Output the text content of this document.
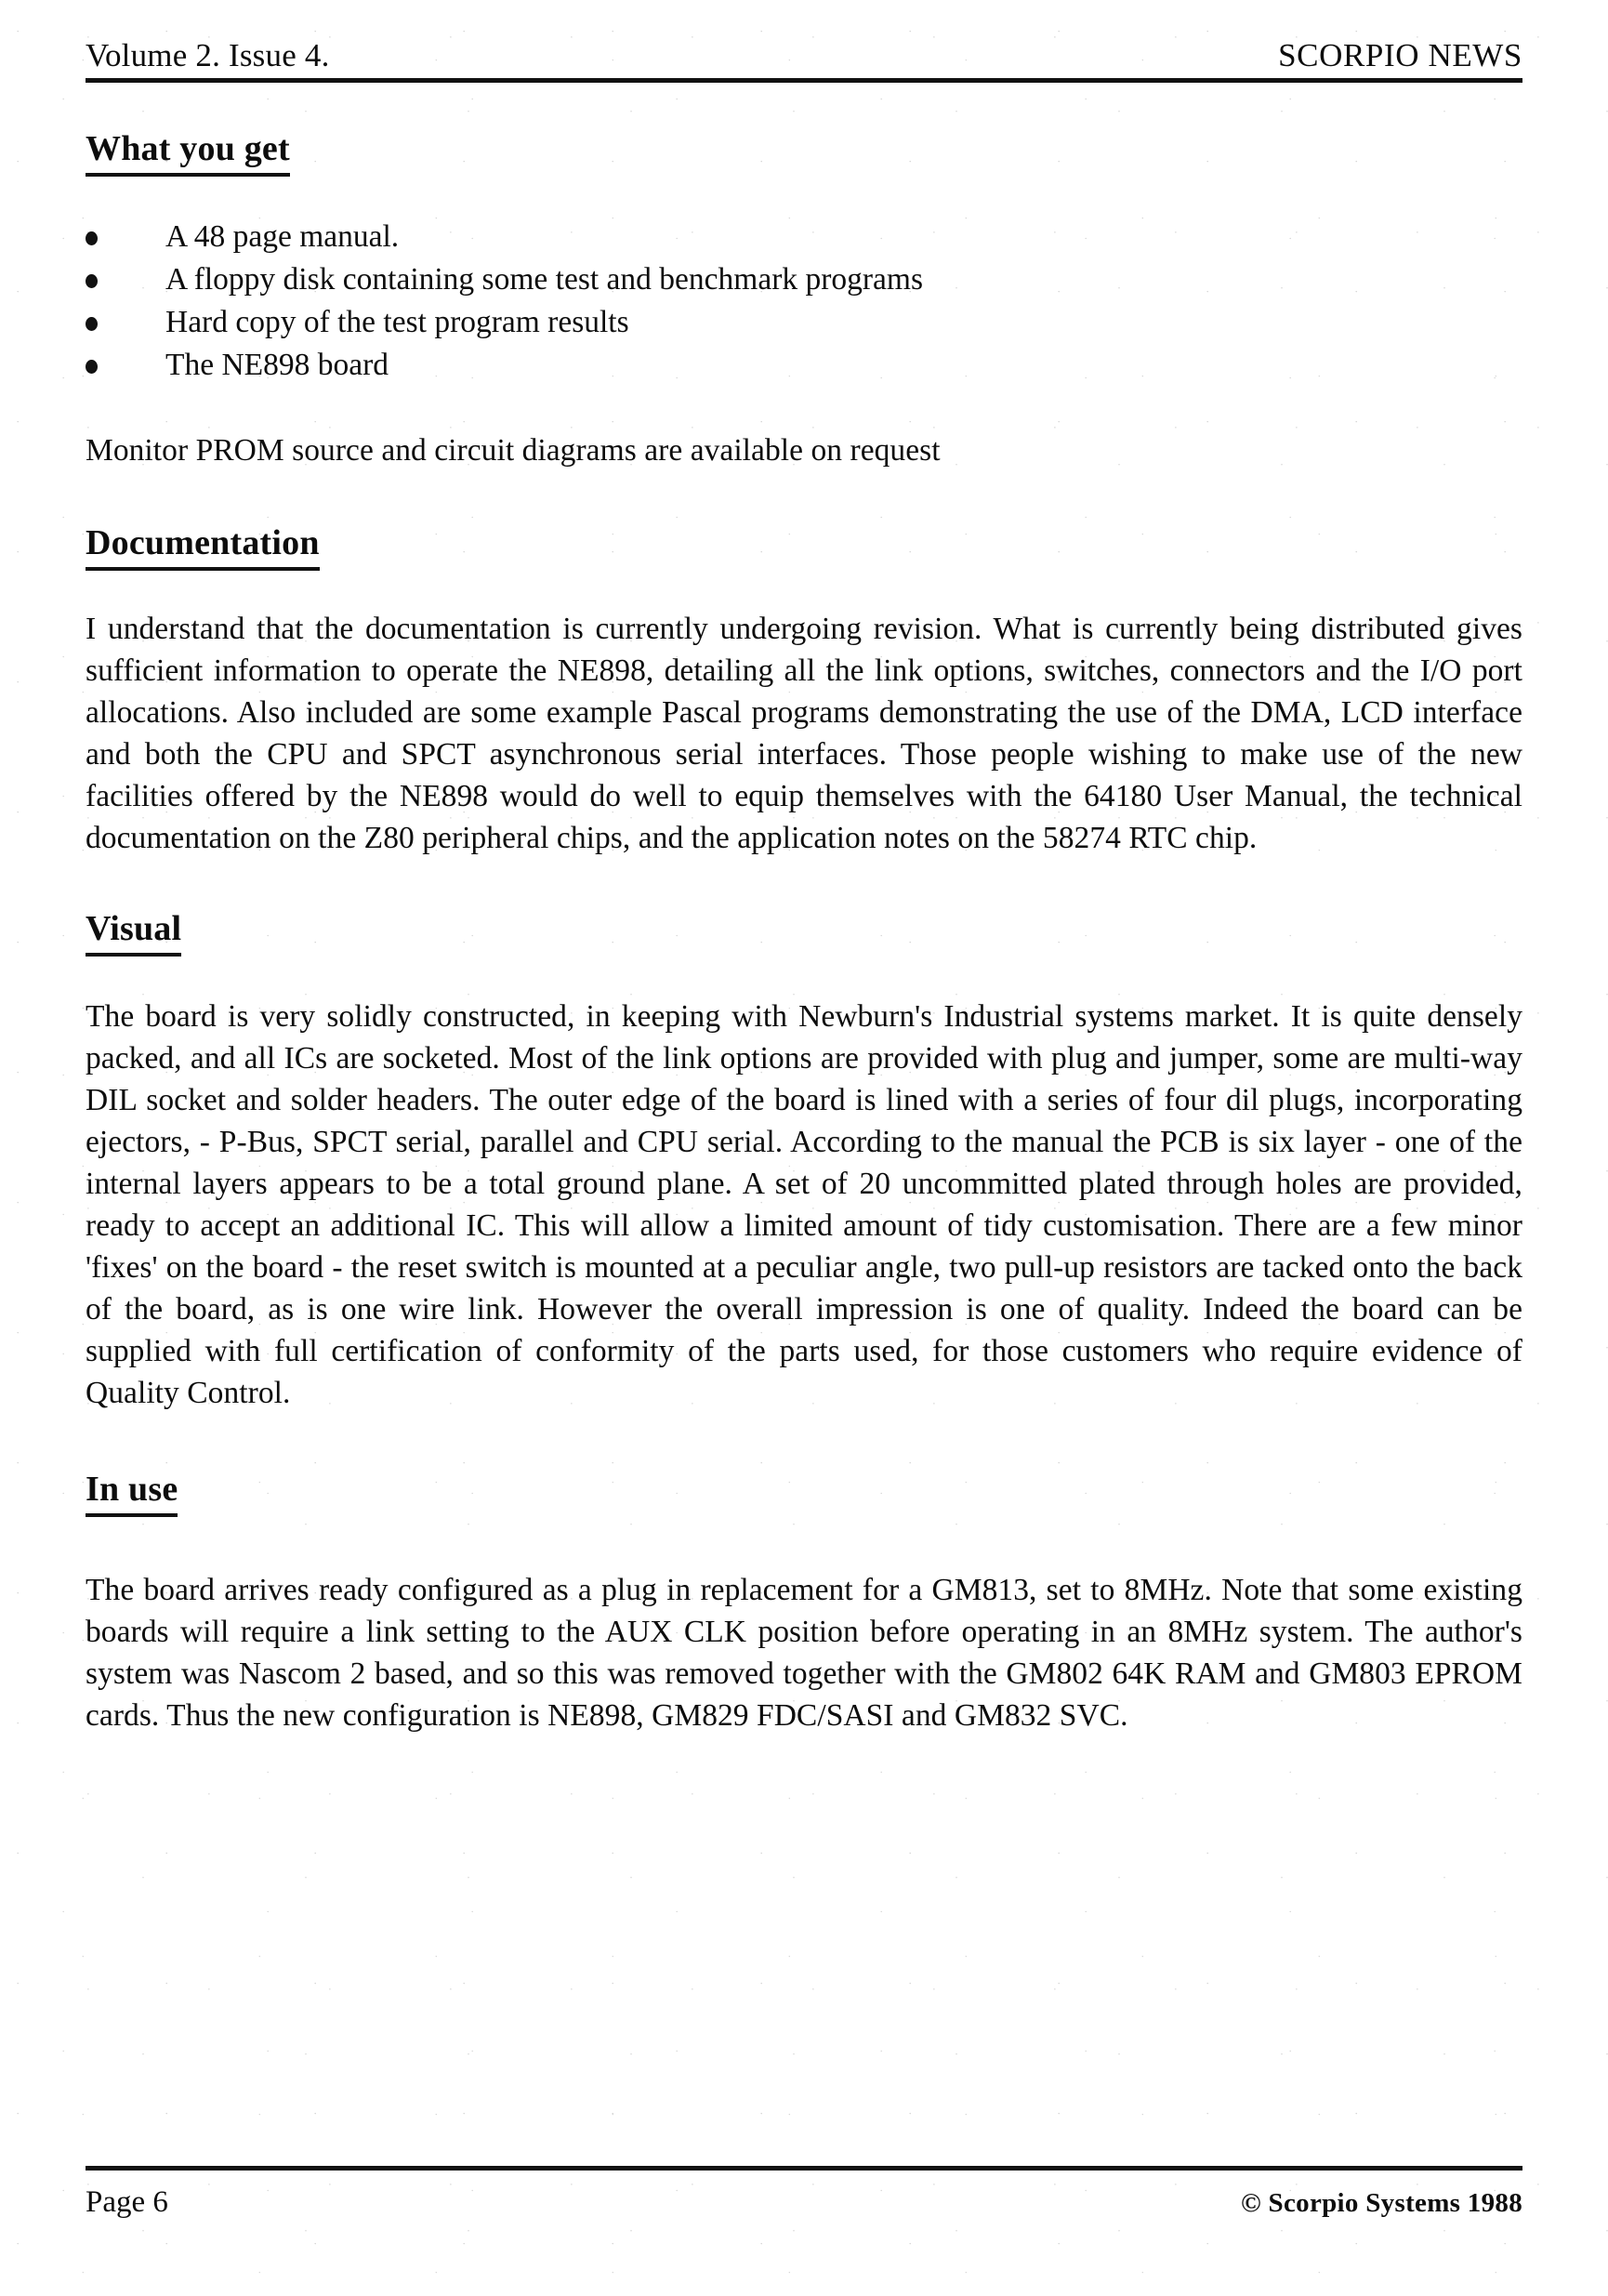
Volume 2. Issue 4.	SCORPIO NEWS
What you get
A 48 page manual.
A floppy disk containing some test and benchmark programs
Hard copy of the test program results
The NE898 board

Monitor PROM source and circuit diagrams are available on request

Documentation

I understand that the documentation is currently undergoing revision. What is currently being distributed gives sufficient information to operate the NE898, detailing all the link options, switches, connectors and the I/O port allocations. Also included are some example Pascal programs demonstrating the use of the DMA, LCD interface and both the CPU and SPCT asynchronous serial interfaces. Those people wishing to make use of the new facilities offered by the NE898 would do well to equip themselves with the 64180 User Manual, the technical documentation on the Z80 peripheral chips, and the application notes on the 58274 RTC chip.

Visual

The board is very solidly constructed, in keeping with Newburn's Industrial systems market. It is quite densely packed, and all ICs are socketed. Most of the link options are provided with plug and jumper, some are multi-way DIL socket and solder headers. The outer edge of the board is lined with a series of four dil plugs, incorporating ejectors, - P-Bus, SPCT serial, parallel and CPU serial. According to the manual the PCB is six layer - one of the internal layers appears to be a total ground plane. A set of 20 uncommitted plated through holes are provided, ready to accept an additional IC. This will allow a limited amount of tidy customisation. There are a few minor 'fixes' on the board - the reset switch is mounted at a peculiar angle, two pull-up resistors are tacked onto the back of the board, as is one wire link. However the overall impression is one of quality. Indeed the board can be supplied with full certification of conformity of the parts used, for those customers who require evidence of Quality Control.

In use

The board arrives ready configured as a plug in replacement for a GM813, set to 8MHz. Note that some existing boards will require a link setting to the AUX CLK position before operating in an 8MHz system. The author's system was Nascom 2 based, and so this was removed together with the GM802 64K RAM and GM803 EPROM cards. Thus the new configuration is NE898, GM829 FDC/SASI and GM832 SVC.

Page 6	© Scorpio Systems 1988
